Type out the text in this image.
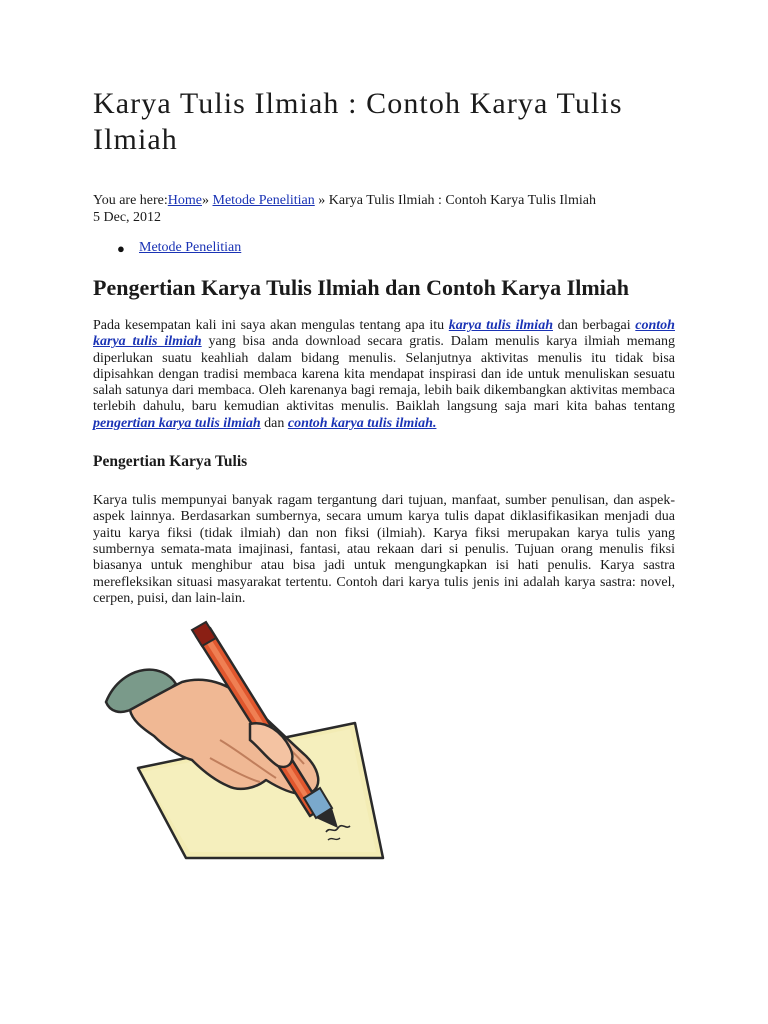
Karya Tulis Ilmiah : Contoh Karya Tulis Ilmiah
You are here:Home» Metode Penelitian » Karya Tulis Ilmiah : Contoh Karya Tulis Ilmiah
5 Dec, 2012
● Metode Penelitian
Pengertian Karya Tulis Ilmiah dan Contoh Karya Ilmiah

Pada kesempatan kali ini saya akan mengulas tentang apa itu karya tulis ilmiah dan berbagai contoh karya tulis ilmiah yang bisa anda download secara gratis. Dalam menulis karya ilmiah memang diperlukan suatu keahliah dalam bidang menulis. Selanjutnya aktivitas menulis itu tidak bisa dipisahkan dengan tradisi membaca karena kita mendapat inspirasi dan ide untuk menuliskan sesuatu salah satunya dari membaca. Oleh karenanya bagi remaja, lebih baik dikembangkan aktivitas membaca terlebih dahulu, baru kemudian aktivitas menulis. Baiklah langsung saja mari kita bahas tentang pengertian karya tulis ilmiah dan contoh karya tulis ilmiah.

Pengertian Karya Tulis

Karya tulis mempunyai banyak ragam tergantung dari tujuan, manfaat, sumber penulisan, dan aspek-aspek lainnya. Berdasarkan sumbernya, secara umum karya tulis dapat diklasifikasikan menjadi dua yaitu karya fiksi (tidak ilmiah) dan non fiksi (ilmiah). Karya fiksi merupakan karya tulis yang sumbernya semata-mata imajinasi, fantasi, atau rekaan dari si penulis. Tujuan orang menulis fiksi biasanya untuk menghibur atau bisa jadi untuk mengungkapkan isi hati penulis. Karya sastra merefleksikan situasi masyarakat tertentu. Contoh dari karya tulis jenis ini adalah karya sastra: novel, cerpen, puisi, dan lain-lain.
